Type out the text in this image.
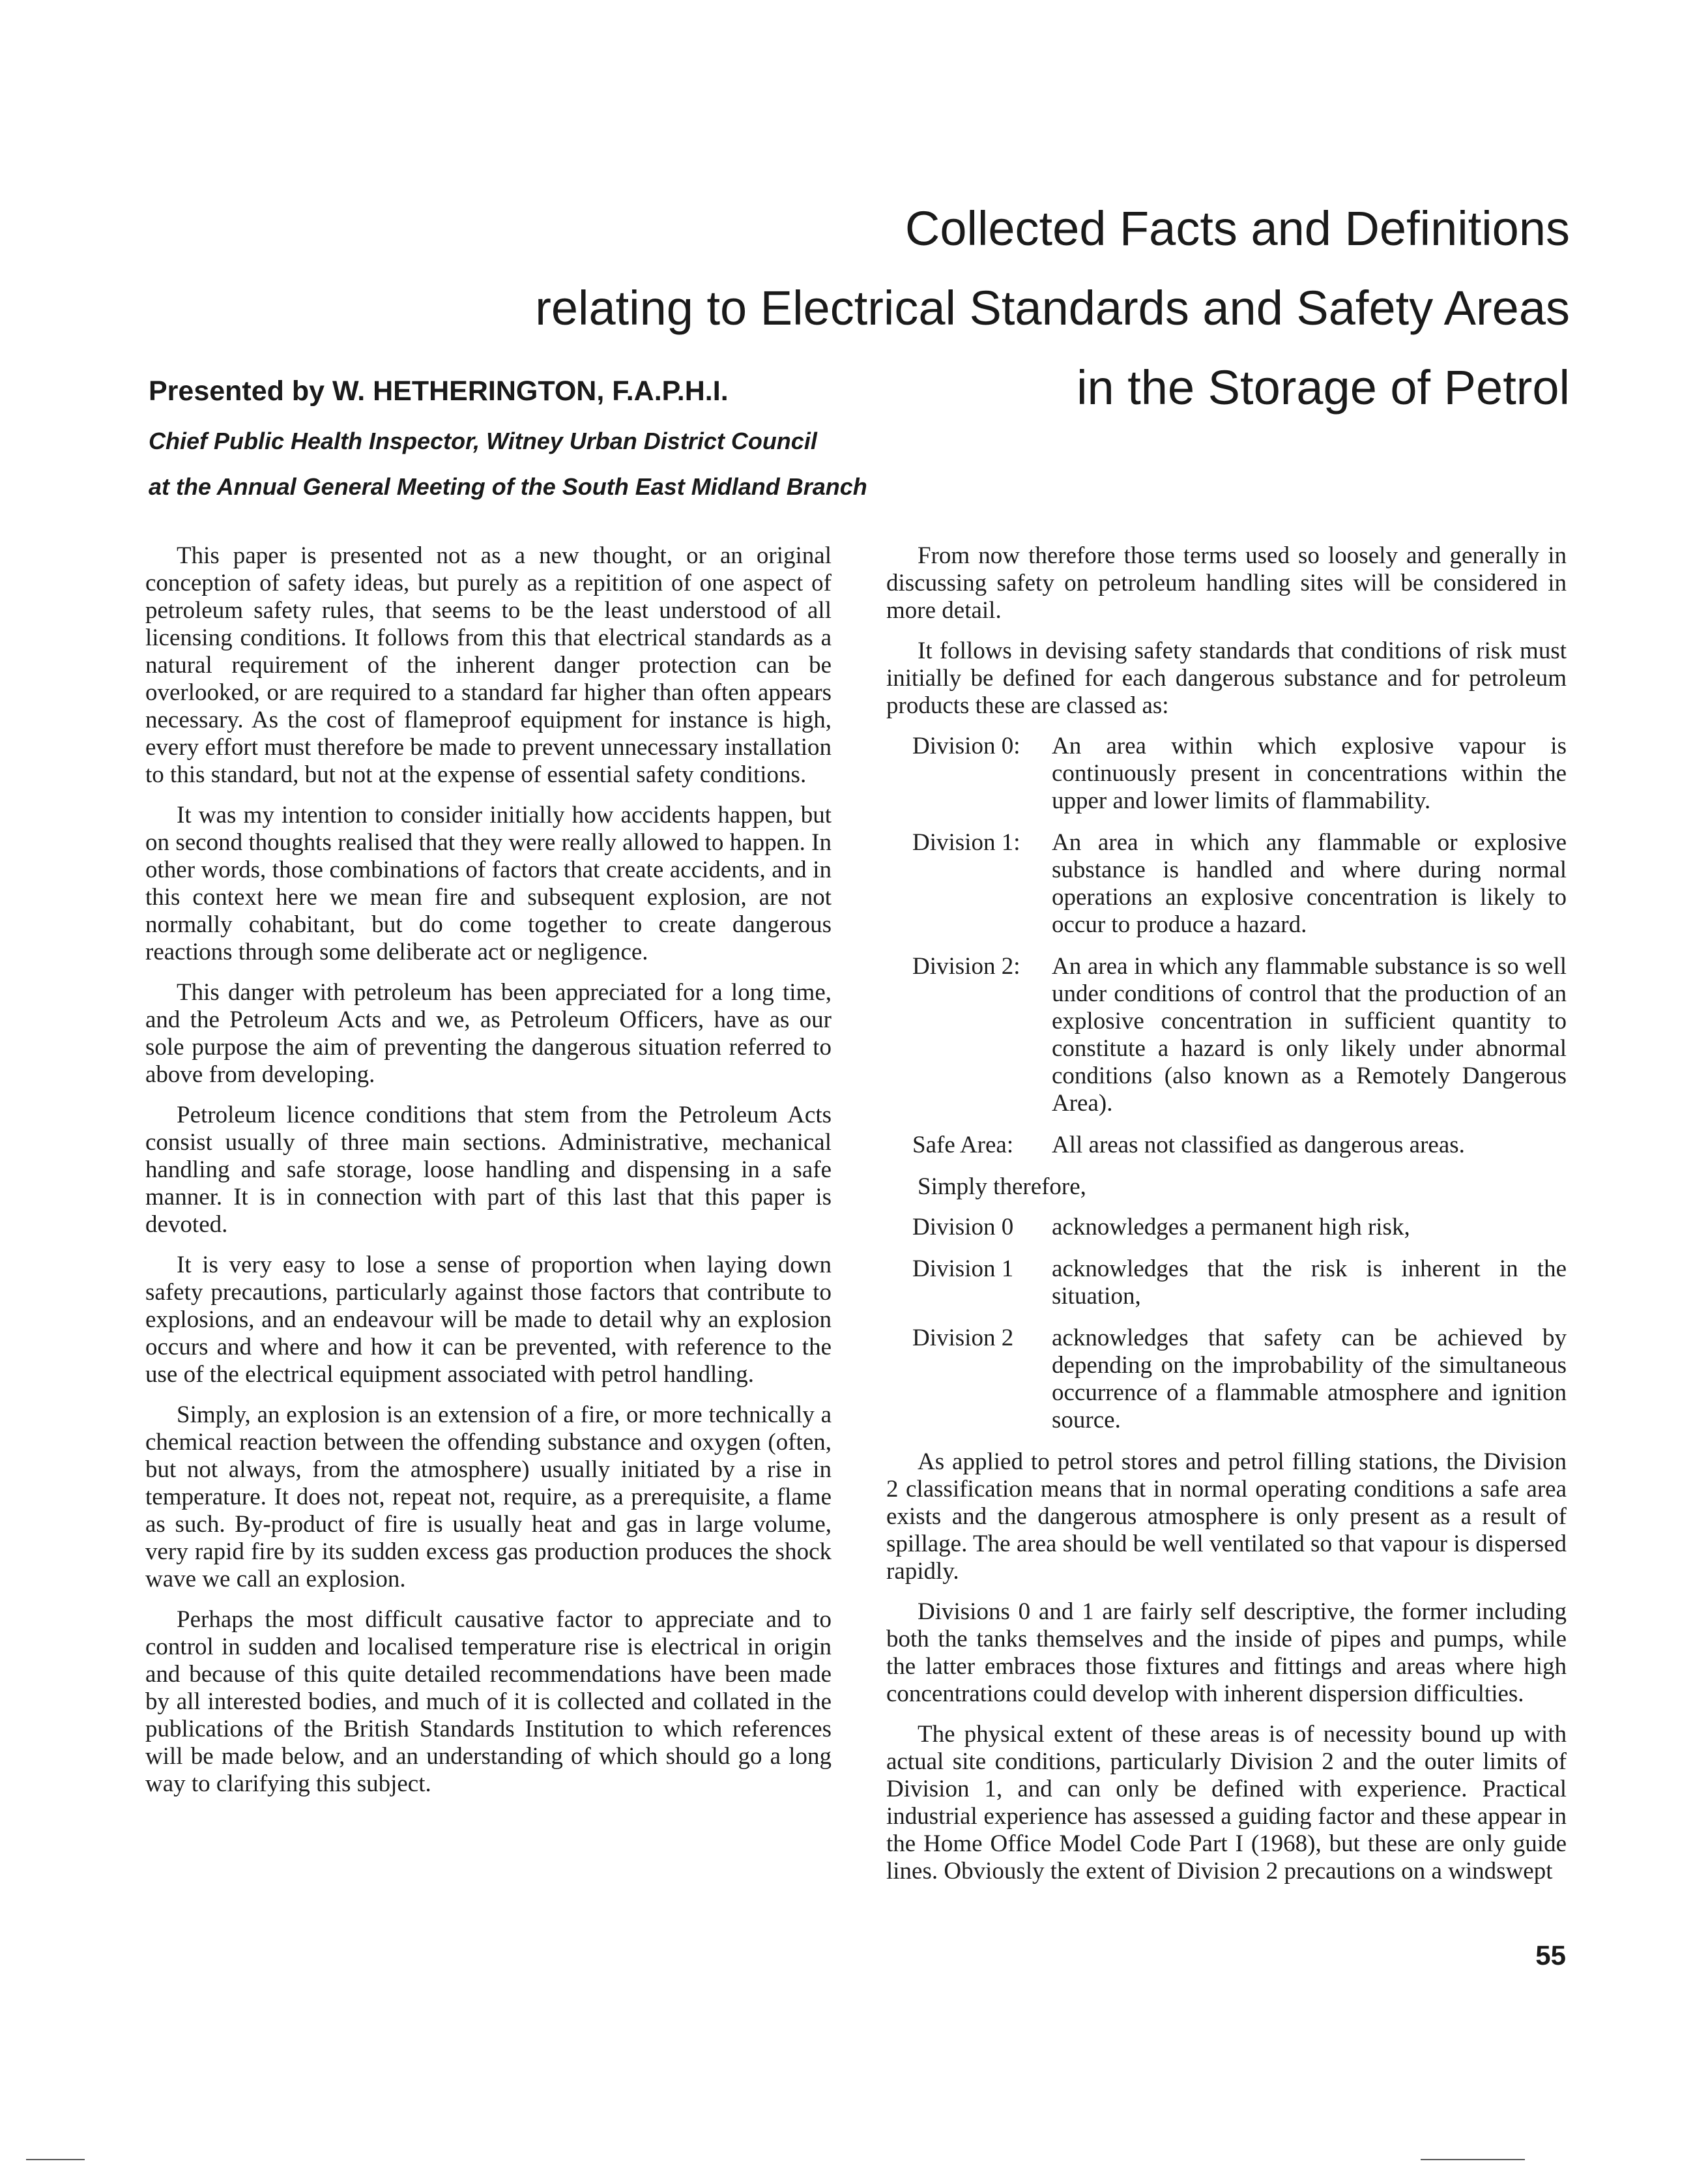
Collected Facts and Definitions
relating to Electrical Standards and Safety Areas
in the Storage of Petrol
Presented by W. HETHERINGTON, F.A.P.H.I.
Chief Public Health Inspector, Witney Urban District Council
at the Annual General Meeting of the South East Midland Branch

This paper is presented not as a new thought, or an original conception of safety ideas, but purely as a repitition of one aspect of petroleum safety rules, that seems to be the least understood of all licensing conditions. It follows from this that electrical standards as a natural requirement of the inherent danger protection can be overlooked, or are required to a standard far higher than often appears necessary. As the cost of flameproof equipment for instance is high, every effort must therefore be made to prevent unnecessary installation to this standard, but not at the expense of essential safety conditions.

It was my intention to consider initially how accidents happen, but on second thoughts realised that they were really allowed to happen. In other words, those combinations of factors that create accidents, and in this context here we mean fire and subsequent explosion, are not normally cohabitant, but do come together to create dangerous reactions through some deliberate act or negligence.

This danger with petroleum has been appreciated for a long time, and the Petroleum Acts and we, as Petroleum Officers, have as our sole purpose the aim of preventing the dangerous situation referred to above from developing.

Petroleum licence conditions that stem from the Petroleum Acts consist usually of three main sections. Administrative, mechanical handling and safe storage, loose handling and dispensing in a safe manner. It is in connection with part of this last that this paper is devoted.

It is very easy to lose a sense of proportion when laying down safety precautions, particularly against those factors that contribute to explosions, and an endeavour will be made to detail why an explosion occurs and where and how it can be prevented, with reference to the use of the electrical equipment associated with petrol handling.

Simply, an explosion is an extension of a fire, or more technically a chemical reaction between the offending substance and oxygen (often, but not always, from the atmosphere) usually initiated by a rise in temperature. It does not, repeat not, require, as a prerequisite, a flame as such. By-product of fire is usually heat and gas in large volume, very rapid fire by its sudden excess gas production produces the shock wave we call an explosion.

Perhaps the most difficult causative factor to appreciate and to control in sudden and localised temperature rise is electrical in origin and because of this quite detailed recommendations have been made by all interested bodies, and much of it is collected and collated in the publications of the British Standards Institution to which references will be made below, and an understanding of which should go a long way to clarifying this subject.

From now therefore those terms used so loosely and generally in discussing safety on petroleum handling sites will be considered in more detail.

It follows in devising safety standards that conditions of risk must initially be defined for each dangerous substance and for petroleum products these are classed as:

Division 0:	An area within which explosive vapour is continuously present in concentrations within the upper and lower limits of flammability.
Division 1:	An area in which any flammable or explosive substance is handled and where during normal operations an explosive concentration is likely to occur to produce a hazard.
Division 2:	An area in which any flammable substance is so well under conditions of control that the production of an explosive concentration in sufficient quantity to constitute a hazard is only likely under abnormal conditions (also known as a Remotely Dangerous Area).
Safe Area:	All areas not classified as dangerous areas.

Simply therefore,

Division 0	acknowledges a permanent high risk,
Division 1	acknowledges that the risk is inherent in the situation,
Division 2	acknowledges that safety can be achieved by depending on the improbability of the simultaneous occurrence of a flammable atmosphere and ignition source.

As applied to petrol stores and petrol filling stations, the Division 2 classification means that in normal operating conditions a safe area exists and the dangerous atmosphere is only present as a result of spillage. The area should be well ventilated so that vapour is dispersed rapidly.

Divisions 0 and 1 are fairly self descriptive, the former including both the tanks themselves and the inside of pipes and pumps, while the latter embraces those fixtures and fittings and areas where high concentrations could develop with inherent dispersion difficulties.

The physical extent of these areas is of necessity bound up with actual site conditions, particularly Division 2 and the outer limits of Division 1, and can only be defined with experience. Practical industrial experience has assessed a guiding factor and these appear in the Home Office Model Code Part I (1968), but these are only guide lines. Obviously the extent of Division 2 precautions on a windswept

55
